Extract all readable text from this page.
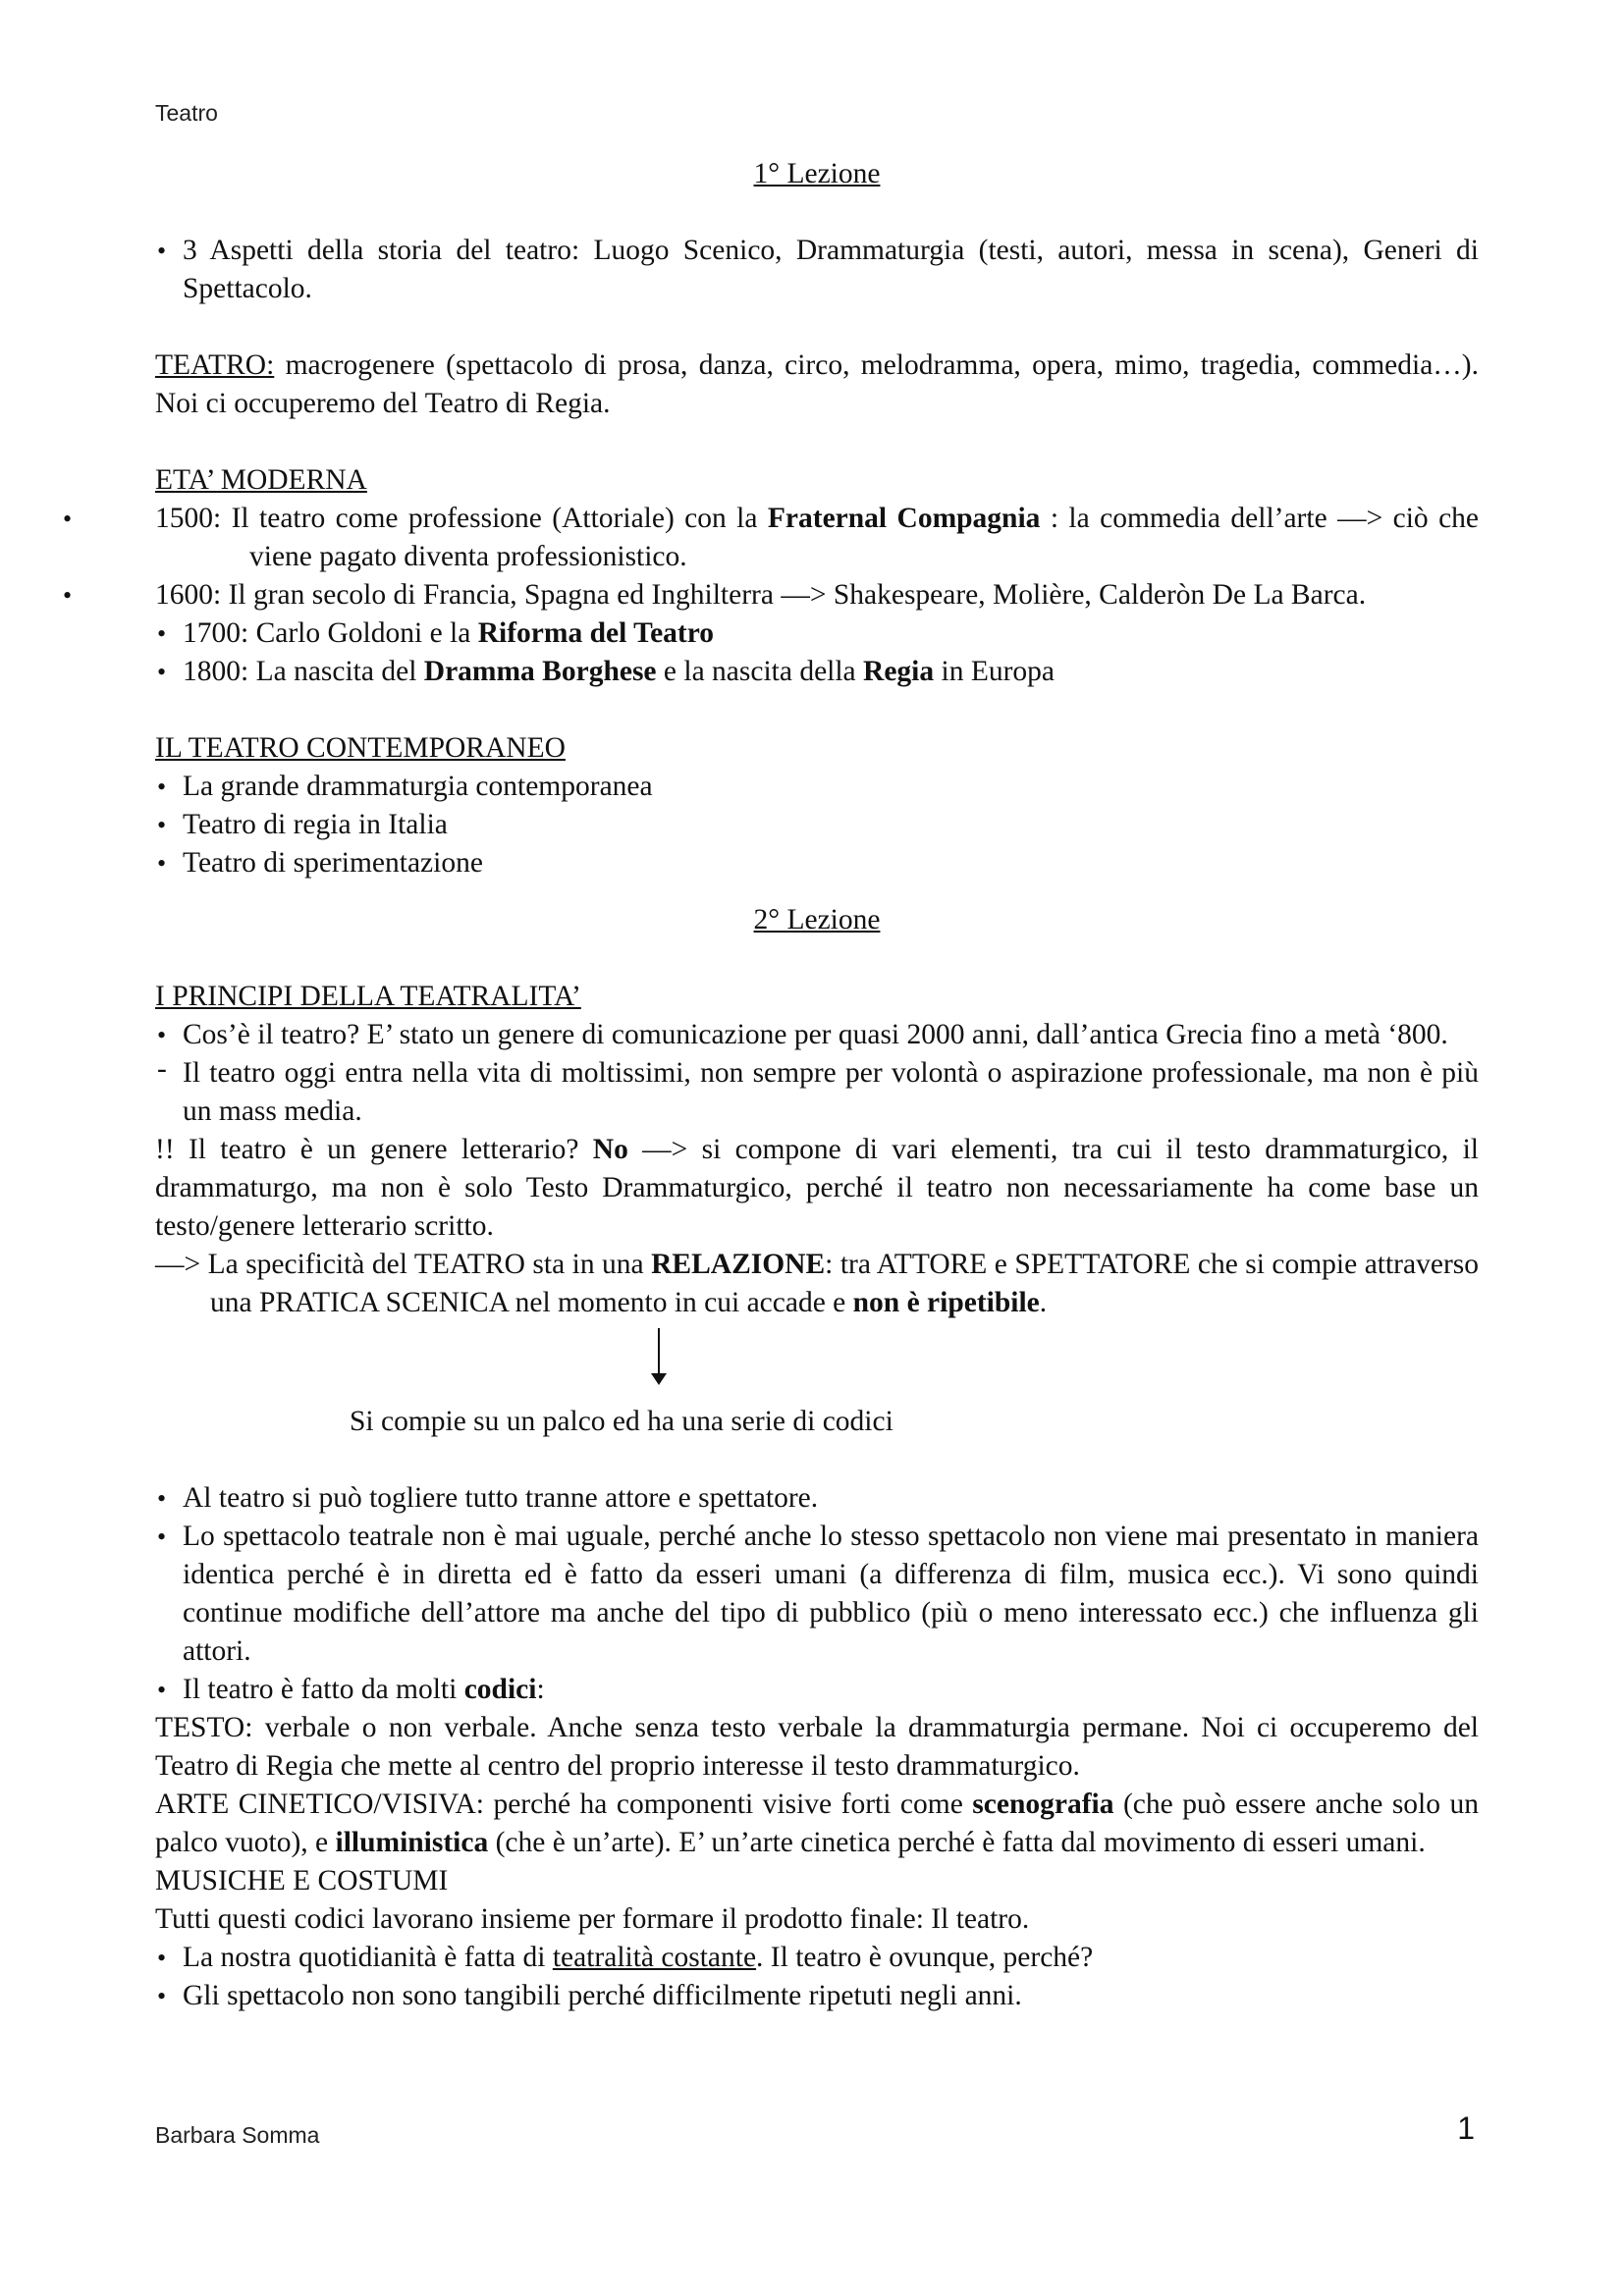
Teatro

1° Lezione

• 3 Aspetti della storia del teatro: Luogo Scenico, Drammaturgia (testi, autori, messa in scena), Generi di Spettacolo.

TEATRO: macrogenere (spettacolo di prosa, danza, circo, melodramma, opera, mimo, tragedia, commedia…). Noi ci occuperemo del Teatro di Regia.

ETA’ MODERNA

• 1500: Il teatro come professione (Attoriale) con la Fraternal Compagnia : la commedia dell’arte —> ciò che viene pagato diventa professionistico.
• 1600: Il gran secolo di Francia, Spagna ed Inghilterra —> Shakespeare, Molière, Calderòn De La Barca.
• 1700: Carlo Goldoni e la Riforma del Teatro
• 1800: La nascita del Dramma Borghese e la nascita della Regia in Europa

IL TEATRO CONTEMPORANEO

• La grande drammaturgia contemporanea
• Teatro di regia in Italia
• Teatro di sperimentazione

2° Lezione

I PRINCIPI DELLA TEATRALITA’

• Cos’è il teatro? E’ stato un genere di comunicazione per quasi 2000 anni, dall’antica Grecia fino a metà ‘800.
- Il teatro oggi entra nella vita di moltissimi, non sempre per volontà o aspirazione professionale, ma non è più un mass media.

!! Il teatro è un genere letterario? No —> si compone di vari elementi, tra cui il testo drammaturgico, il drammaturgo, ma non è solo Testo Drammaturgico, perché il teatro non necessariamente ha come base un testo/genere letterario scritto.

—> La specificità del TEATRO sta in una RELAZIONE: tra ATTORE e SPETTATORE che si compie attraverso una PRATICA SCENICA nel momento in cui accade e non è ripetibile.

Si compie su un palco ed ha una serie di codici

• Al teatro si può togliere tutto tranne attore e spettatore.
• Lo spettacolo teatrale non è mai uguale, perché anche lo stesso spettacolo non viene mai presentato in maniera identica perché è in diretta ed è fatto da esseri umani (a differenza di film, musica ecc.). Vi sono quindi continue modifiche dell’attore ma anche del tipo di pubblico (più o meno interessato ecc.) che influenza gli attori.
• Il teatro è fatto da molti codici:

TESTO: verbale o non verbale. Anche senza testo verbale la drammaturgia permane. Noi ci occuperemo del Teatro di Regia che mette al centro del proprio interesse il testo drammaturgico.

ARTE CINETICO/VISIVA: perché ha componenti visive forti come scenografia (che può essere anche solo un palco vuoto), e illuministica (che è un’arte). E’ un’arte cinetica perché è fatta dal movimento di esseri umani.

MUSICHE E COSTUMI

Tutti questi codici lavorano insieme per formare il prodotto finale: Il teatro.

• La nostra quotidianità è fatta di teatralità costante. Il teatro è ovunque, perché?
• Gli spettacolo non sono tangibili perché difficilmente ripetuti negli anni.
Barbara Somma	1
